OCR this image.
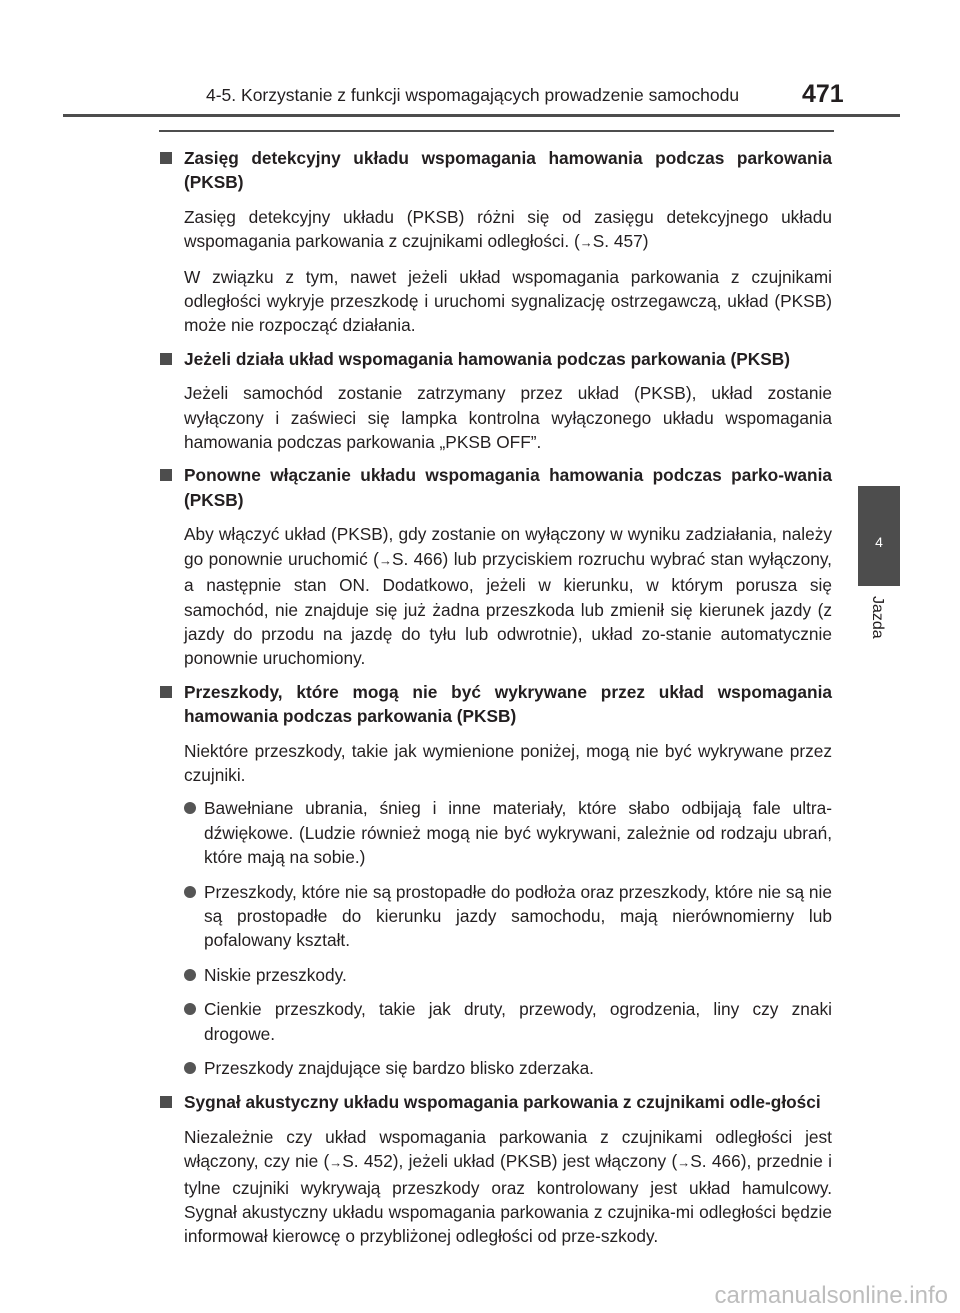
4-5. Korzystanie z funkcji wspomagających prowadzenie samochodu	471
4
Jazda
Zasięg detekcyjny układu wspomagania hamowania podczas parkowania (PKSB)
Zasięg detekcyjny układu (PKSB) różni się od zasięgu detekcyjnego układu wspomagania parkowania z czujnikami odległości. (→S. 457)
W związku z tym, nawet jeżeli układ wspomagania parkowania z czujnikami odległości wykryje przeszkodę i uruchomi sygnalizację ostrzegawczą, układ (PKSB) może nie rozpocząć działania.
Jeżeli działa układ wspomagania hamowania podczas parkowania (PKSB)
Jeżeli samochód zostanie zatrzymany przez układ (PKSB), układ zostanie wyłączony i zaświeci się lampka kontrolna wyłączonego układu wspomagania hamowania podczas parkowania „PKSB OFF”.
Ponowne włączanie układu wspomagania hamowania podczas parko-wania (PKSB)
Aby włączyć układ (PKSB), gdy zostanie on wyłączony w wyniku zadziałania, należy go ponownie uruchomić (→S. 466) lub przyciskiem rozruchu wybrać stan wyłączony, a następnie stan ON. Dodatkowo, jeżeli w kierunku, w którym porusza się samochód, nie znajduje się już żadna przeszkoda lub zmienił się kierunek jazdy (z jazdy do przodu na jazdę do tyłu lub odwrotnie), układ zo-stanie automatycznie ponownie uruchomiony.
Przeszkody, które mogą nie być wykrywane przez układ wspomagania hamowania podczas parkowania (PKSB)
Niektóre przeszkody, takie jak wymienione poniżej, mogą nie być wykrywane przez czujniki.
Bawełniane ubrania, śnieg i inne materiały, które słabo odbijają fale ultra-dźwiękowe. (Ludzie również mogą nie być wykrywani, zależnie od rodzaju ubrań, które mają na sobie.)
Przeszkody, które nie są prostopadłe do podłoża oraz przeszkody, które nie są nie są prostopadłe do kierunku jazdy samochodu, mają nierównomierny lub pofalowany kształt.
Niskie przeszkody.
Cienkie przeszkody, takie jak druty, przewody, ogrodzenia, liny czy znaki drogowe.
Przeszkody znajdujące się bardzo blisko zderzaka.
Sygnał akustyczny układu wspomagania parkowania z czujnikami odle-głości
Niezależnie czy układ wspomagania parkowania z czujnikami odległości jest włączony, czy nie (→S. 452), jeżeli układ (PKSB) jest włączony (→S. 466), przednie i tylne czujniki wykrywają przeszkody oraz kontrolowany jest układ hamulcowy. Sygnał akustyczny układu wspomagania parkowania z czujnika-mi odległości będzie informował kierowcę o przybliżonej odległości od prze-szkody.
carmanualsonline.info
